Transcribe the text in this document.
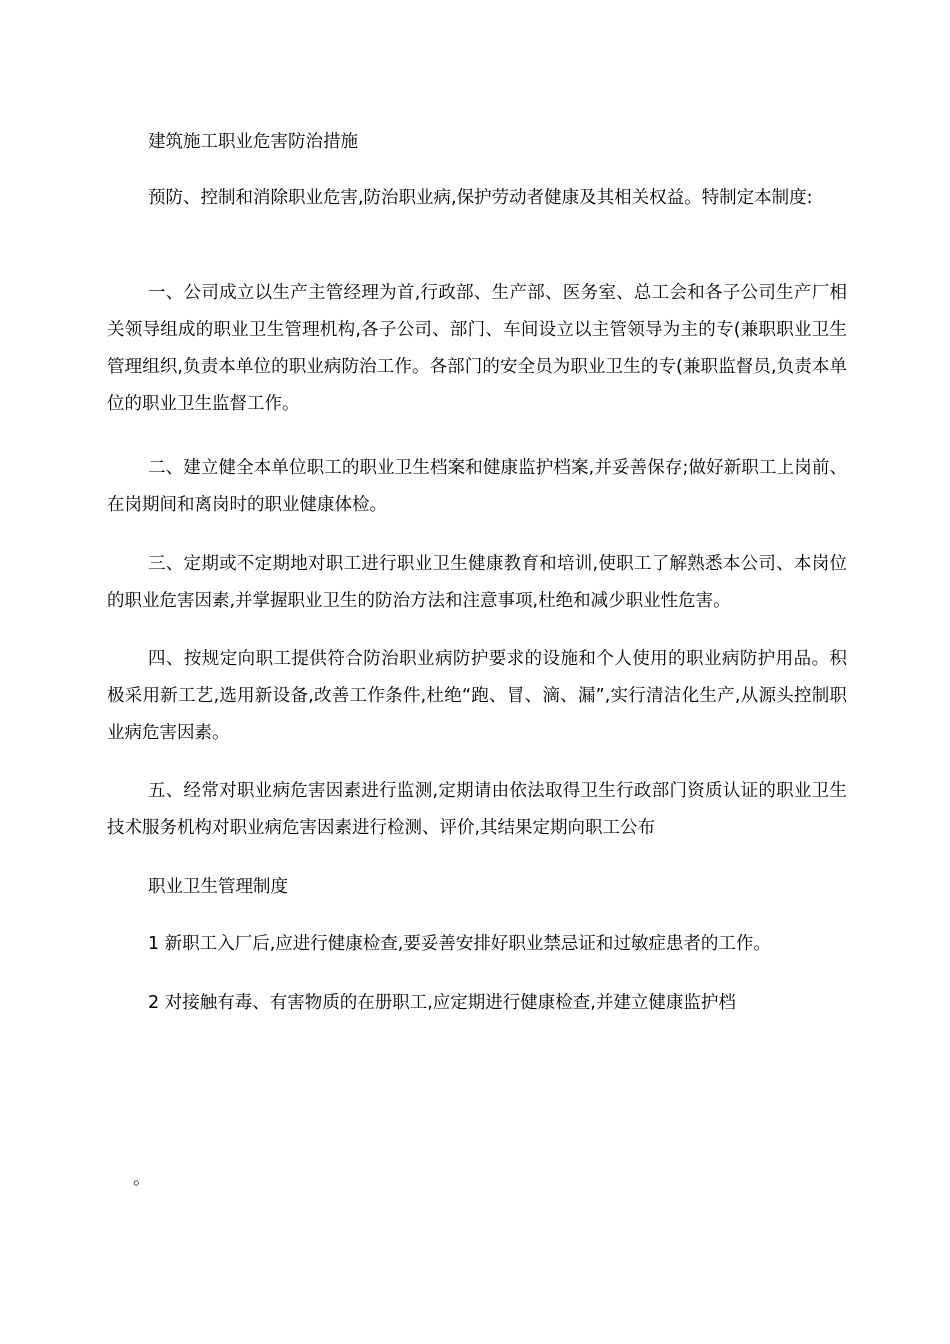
建筑施工职业危害防治措施

预防、控制和消除职业危害,防治职业病,保护劳动者健康及其相关权益。特制定本制度:

一、公司成立以生产主管经理为首,行政部、生产部、医务室、总工会和各子公司生产厂相关领导组成的职业卫生管理机构,各子公司、部门、车间设立以主管领导为主的专(兼职职业卫生管理组织,负责本单位的职业病防治工作。各部门的安全员为职业卫生的专(兼职监督员,负责本单位的职业卫生监督工作。

二、建立健全本单位职工的职业卫生档案和健康监护档案,并妥善保存;做好新职工上岗前、在岗期间和离岗时的职业健康体检。

三、定期或不定期地对职工进行职业卫生健康教育和培训,使职工了解熟悉本公司、本岗位的职业危害因素,并掌握职业卫生的防治方法和注意事项,杜绝和减少职业性危害。

四、按规定向职工提供符合防治职业病防护要求的设施和个人使用的职业病防护用品。积极采用新工艺,选用新设备,改善工作条件,杜绝“跑、冒、滴、漏”,实行清洁化生产,从源头控制职业病危害因素。

五、经常对职业病危害因素进行监测,定期请由依法取得卫生行政部门资质认证的职业卫生技术服务机构对职业病危害因素进行检测、评价,其结果定期向职工公布

职业卫生管理制度

1 新职工入厂后,应进行健康检查,要妥善安排好职业禁忌证和过敏症患者的工作。

2 对接触有毒、有害物质的在册职工,应定期进行健康检查,并建立健康监护档

。
